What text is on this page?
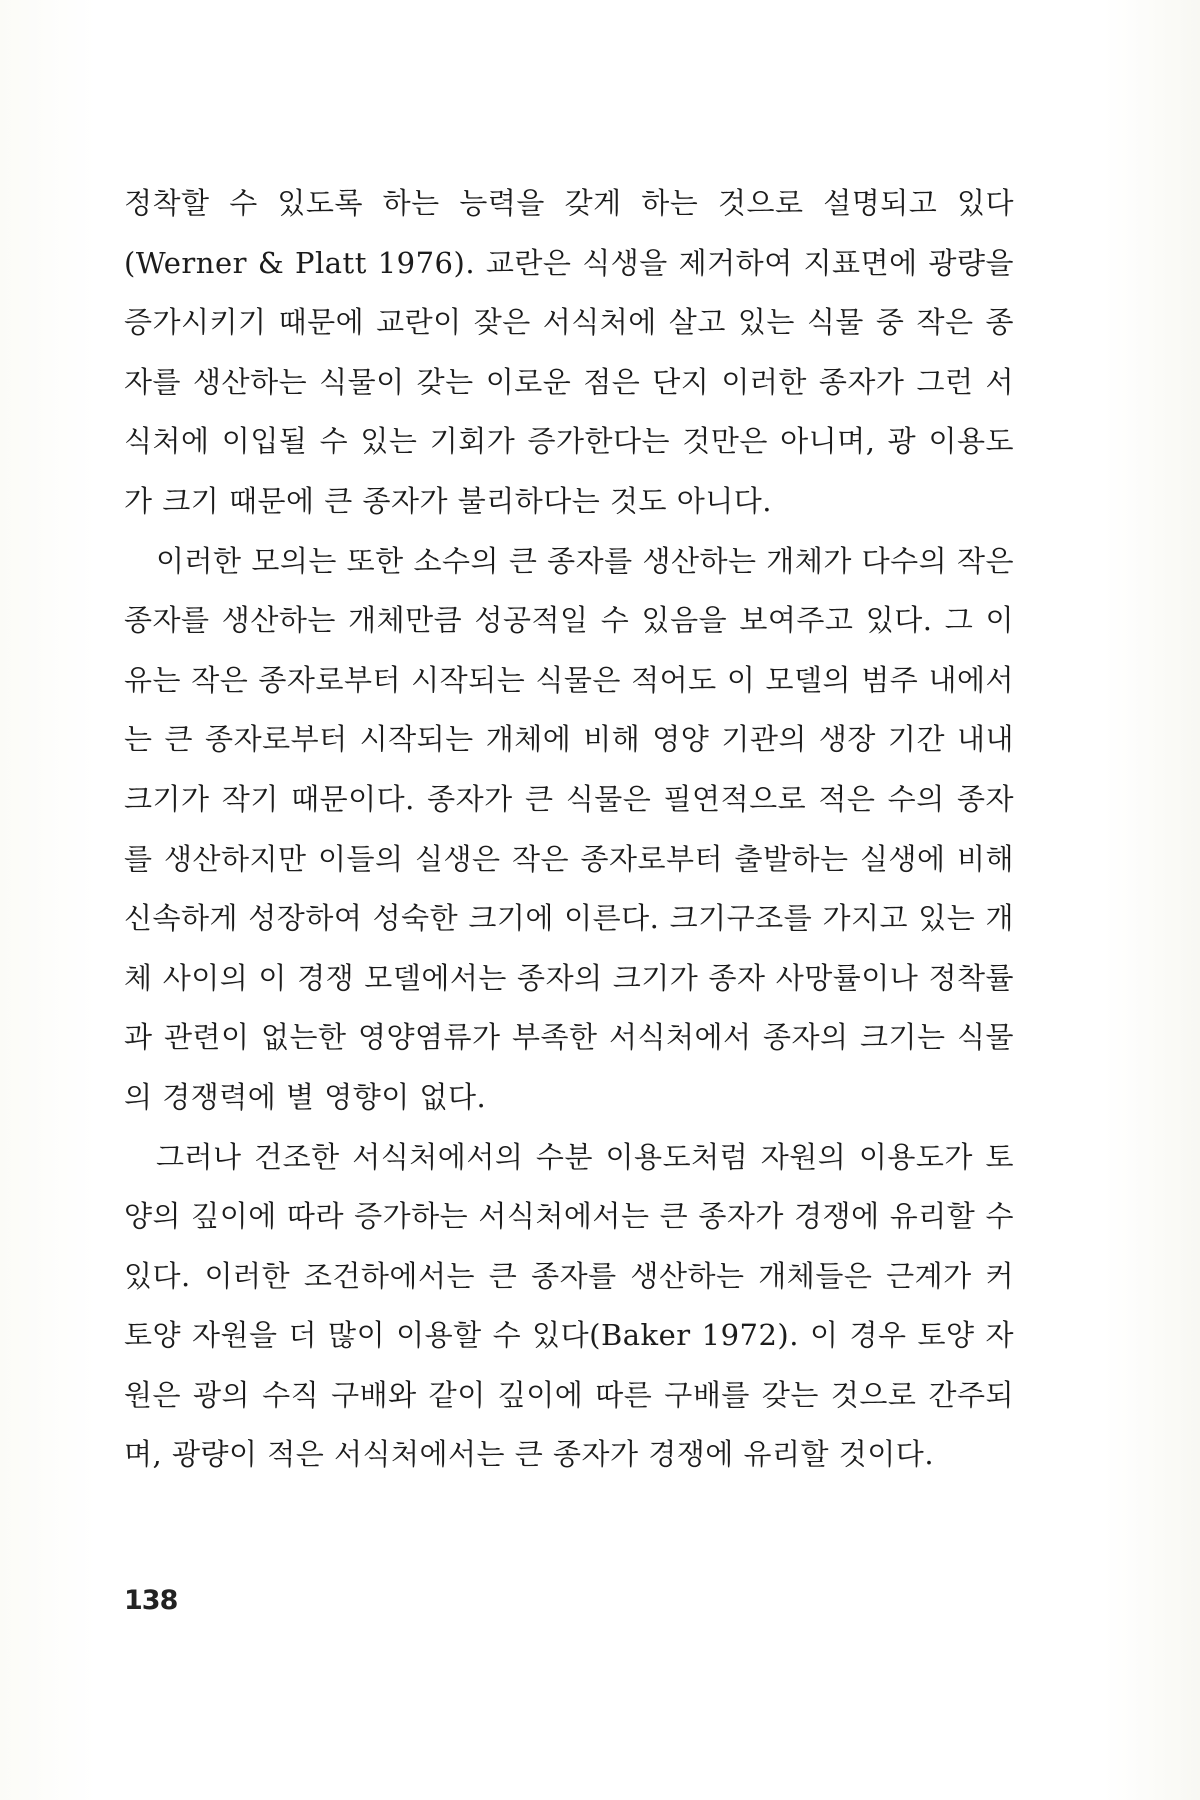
정착할 수 있도록 하는 능력을 갖게 하는 것으로 설명되고 있다(Werner & Platt 1976). 교란은 식생을 제거하여 지표면에 광량을 증가시키기 때문에 교란이 잦은 서식처에 살고 있는 식물 중 작은 종자를 생산하는 식물이 갖는 이로운 점은 단지 이러한 종자가 그런 서식처에 이입될 수 있는 기회가 증가한다는 것만은 아니며, 광 이용도가 크기 때문에 큰 종자가 불리하다는 것도 아니다.

이러한 모의는 또한 소수의 큰 종자를 생산하는 개체가 다수의 작은 종자를 생산하는 개체만큼 성공적일 수 있음을 보여주고 있다. 그 이유는 작은 종자로부터 시작되는 식물은 적어도 이 모델의 범주 내에서는 큰 종자로부터 시작되는 개체에 비해 영양 기관의 생장 기간 내내 크기가 작기 때문이다. 종자가 큰 식물은 필연적으로 적은 수의 종자를 생산하지만 이들의 실생은 작은 종자로부터 출발하는 실생에 비해 신속하게 성장하여 성숙한 크기에 이른다. 크기구조를 가지고 있는 개체 사이의 이 경쟁 모델에서는 종자의 크기가 종자 사망률이나 정착률과 관련이 없는한 영양염류가 부족한 서식처에서 종자의 크기는 식물의 경쟁력에 별 영향이 없다.

그러나 건조한 서식처에서의 수분 이용도처럼 자원의 이용도가 토양의 깊이에 따라 증가하는 서식처에서는 큰 종자가 경쟁에 유리할 수 있다. 이러한 조건하에서는 큰 종자를 생산하는 개체들은 근계가 커 토양 자원을 더 많이 이용할 수 있다(Baker 1972). 이 경우 토양 자원은 광의 수직 구배와 같이 깊이에 따른 구배를 갖는 것으로 간주되며, 광량이 적은 서식처에서는 큰 종자가 경쟁에 유리할 것이다.

138
